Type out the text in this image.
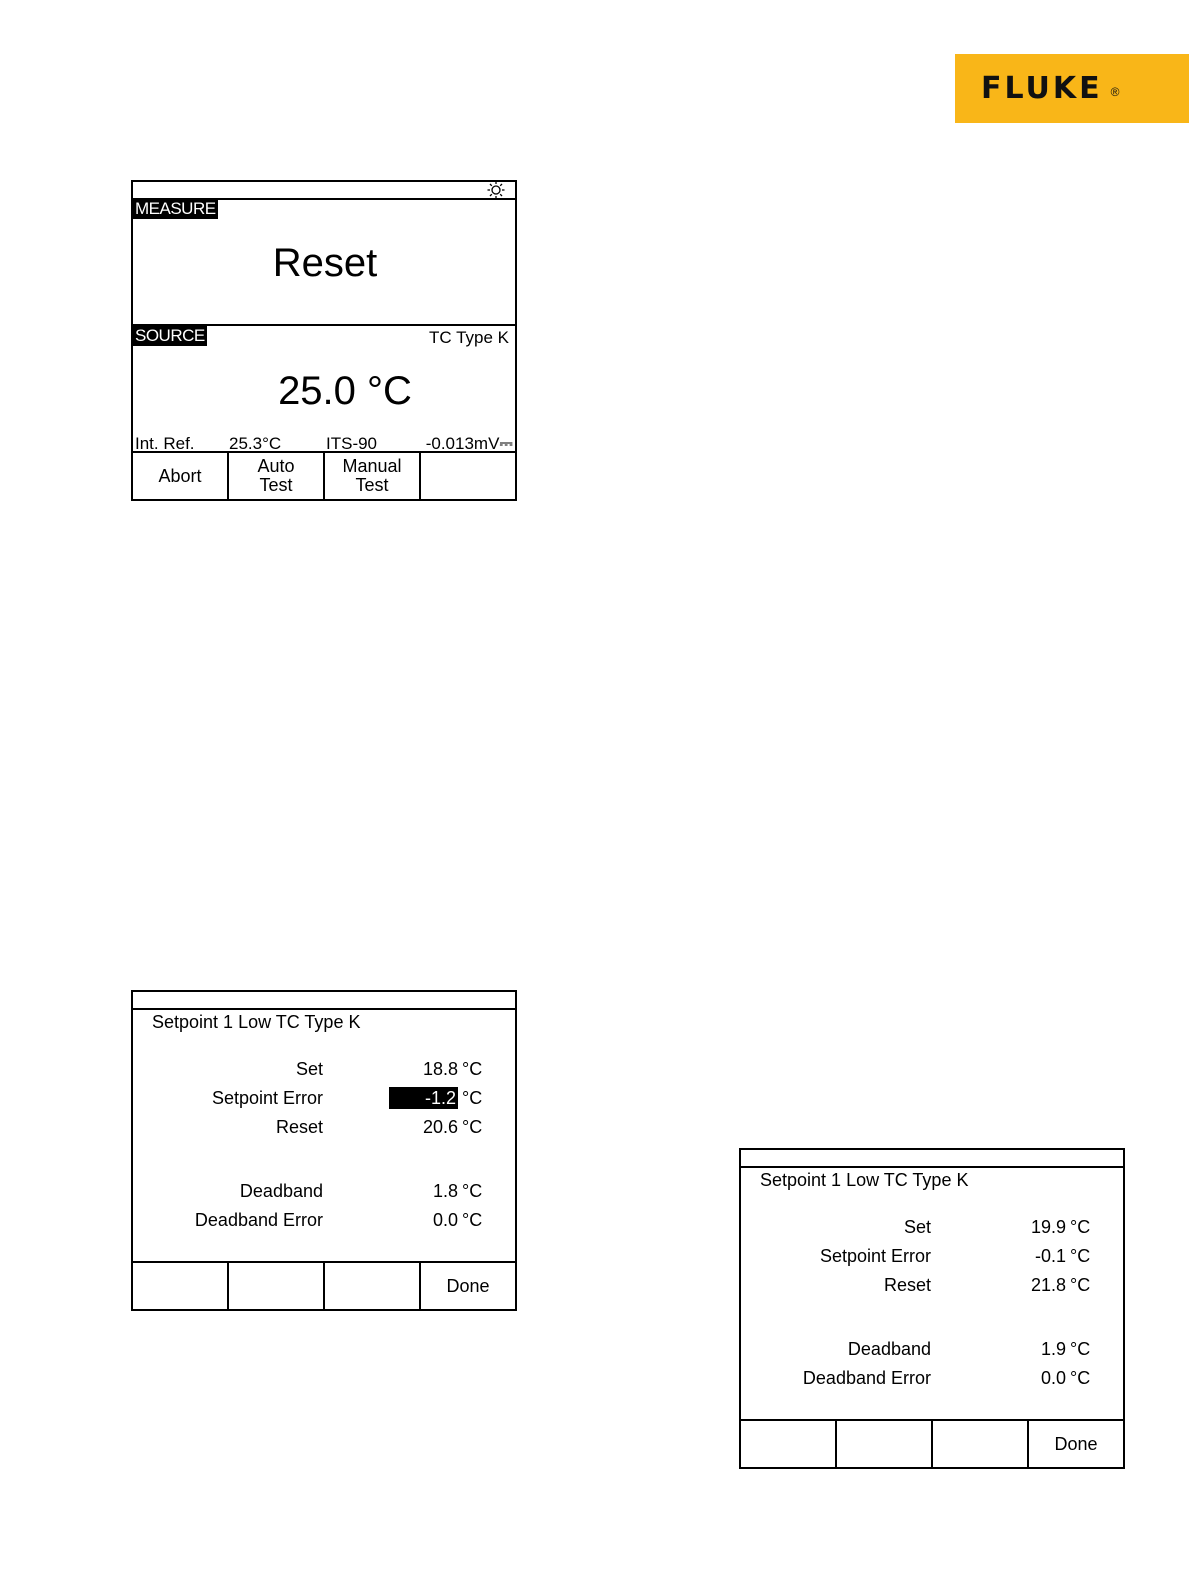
FLUKE ®
MEASURE
Reset
SOURCE	TC Type K
25.0 °C
Int. Ref. 25.3°C	ITS-90	-0.013mV⎓
Abort	Auto
Test
Manual
Test
Setpoint 1 Low TC Type K
Set	18.8 °C
Setpoint Error	-1.2 °C
Reset	20.6 °C
Deadband	1.8 °C
Deadband Error	0.0 °C
Done
Setpoint 1 Low TC Type K
Set	19.9 °C
Setpoint Error	-0.1 °C
Reset	21.8 °C
Deadband	1.9 °C
Deadband Error	0.0 °C
Done
